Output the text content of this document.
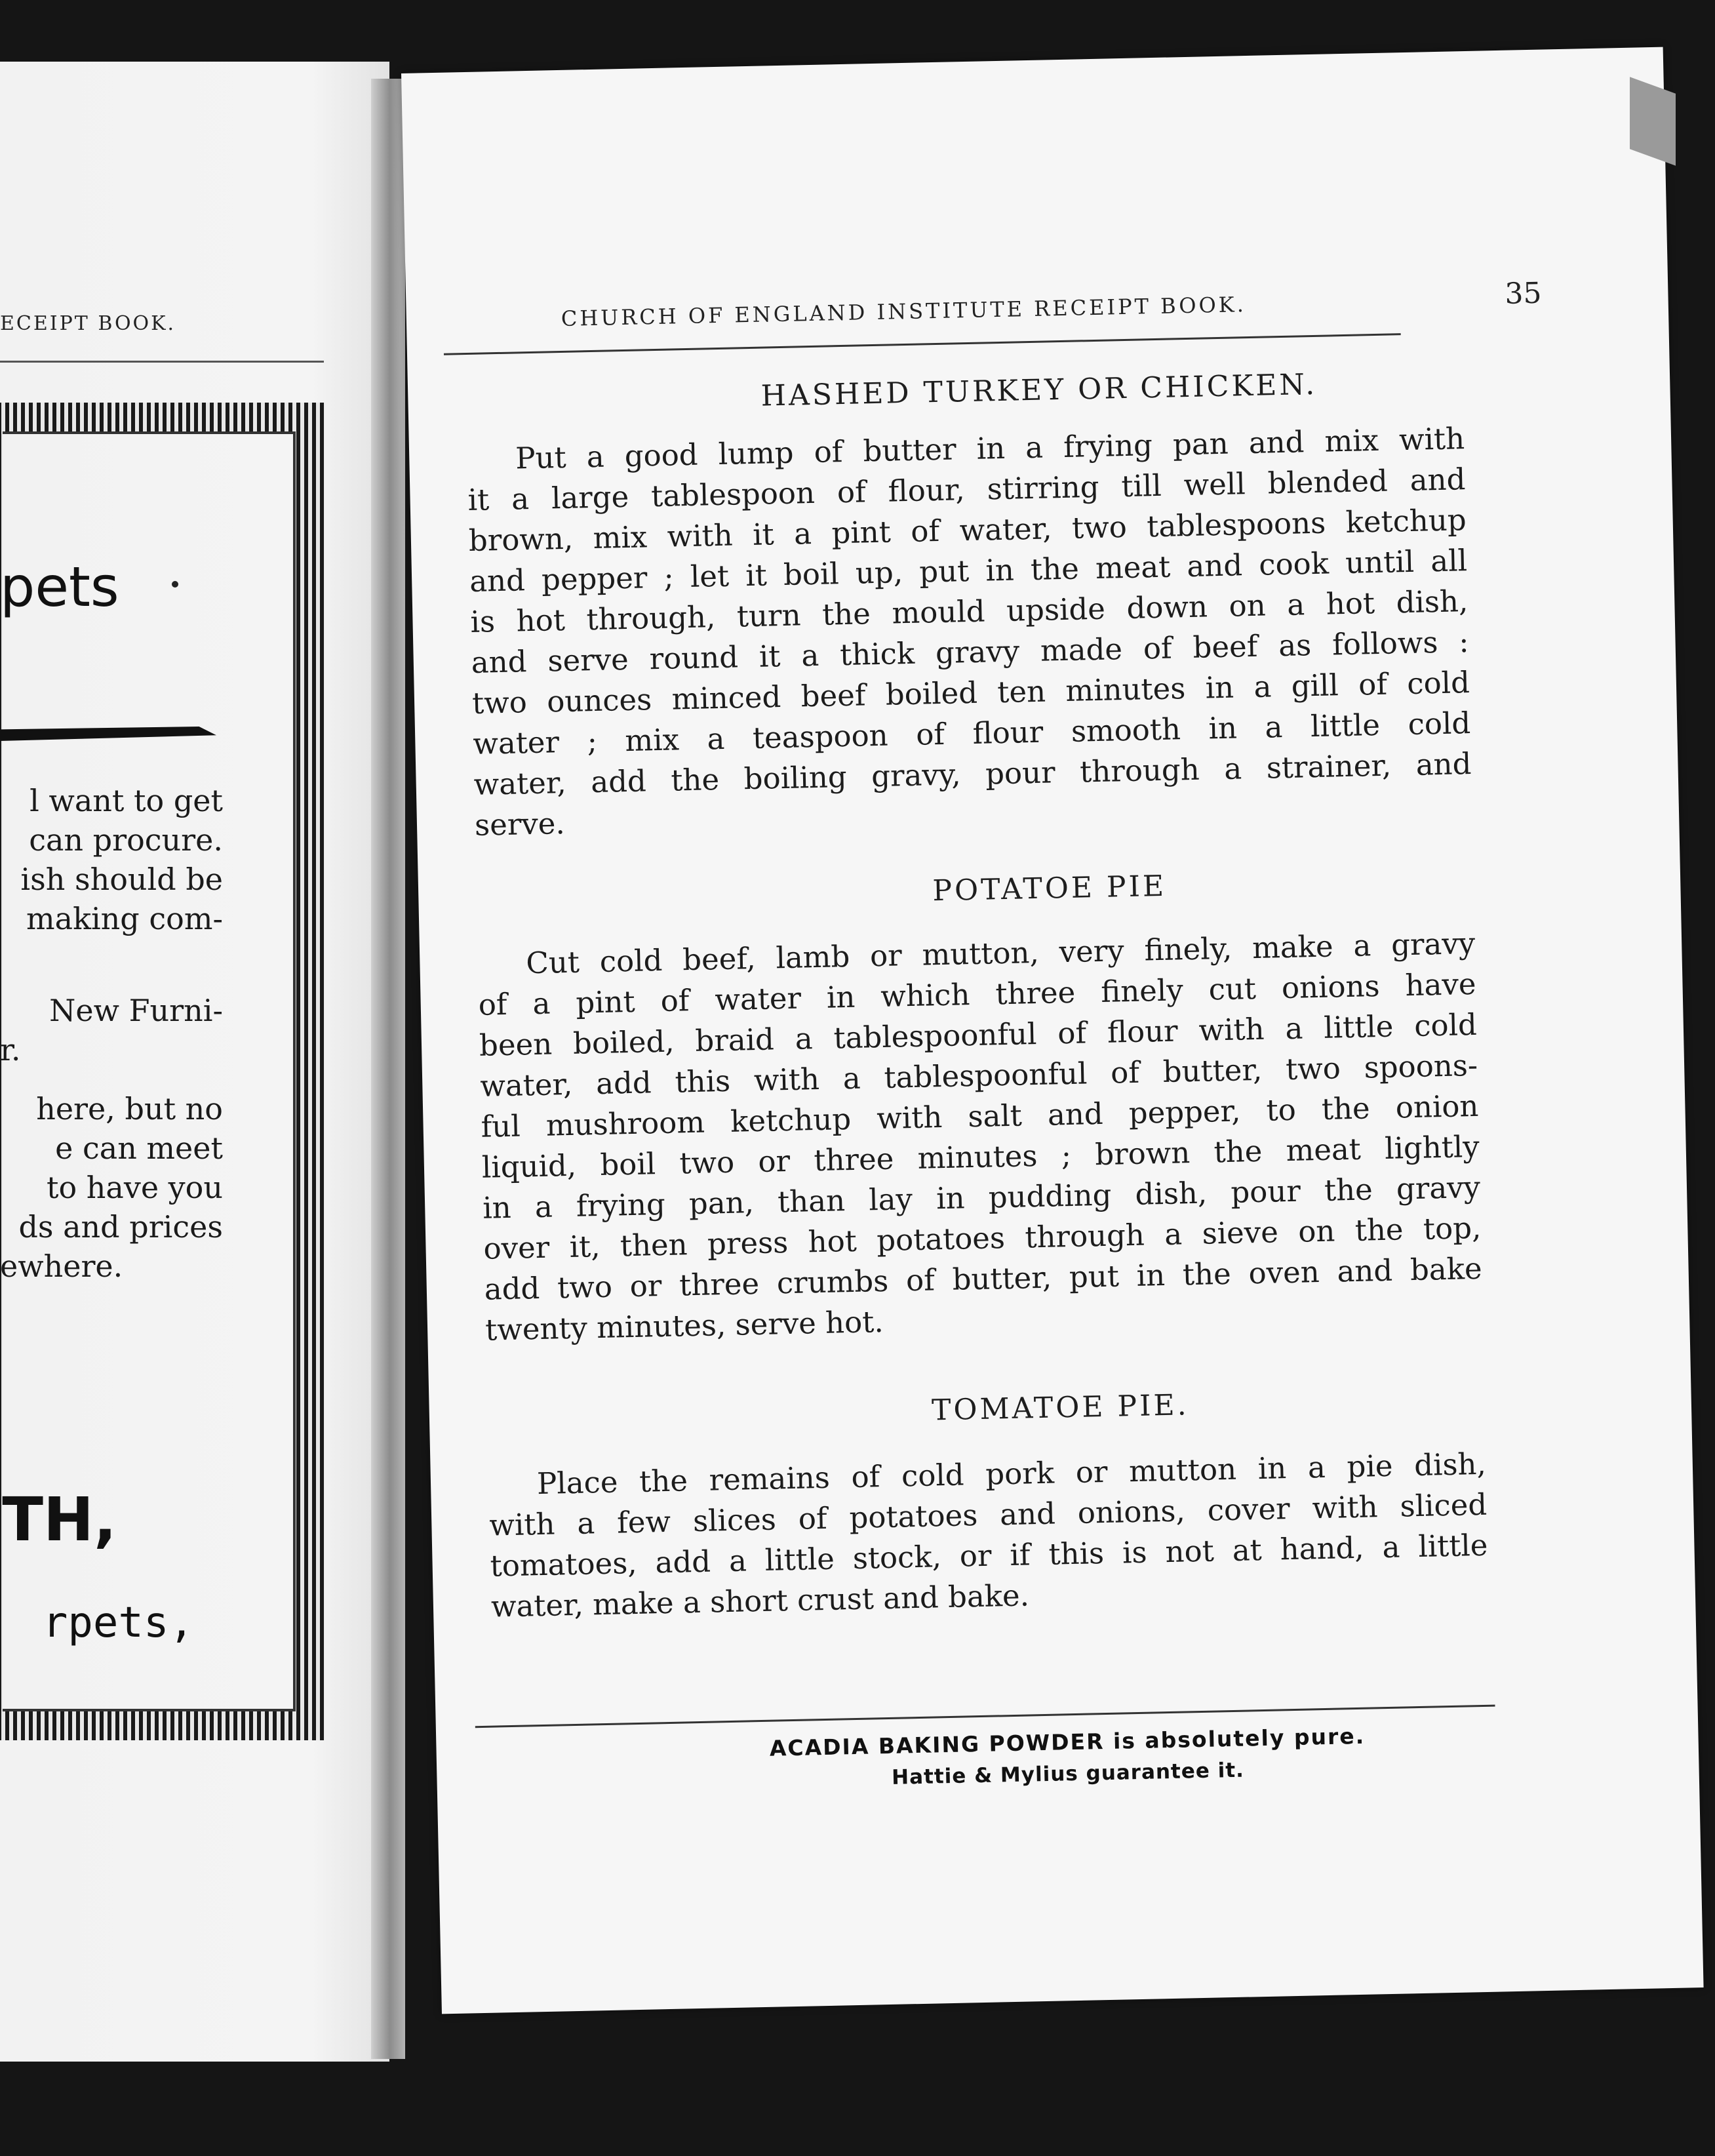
ECEIPT BOOK.
pets
l want to get
can procure.
ish should be
making com-
New Furni-
r.
here, but no
e can meet
to have you
ds and prices
ewhere.
TH,
rpets,
CHURCH OF ENGLAND INSTITUTE RECEIPT BOOK.	35
HASHED TURKEY OR CHICKEN.
Put a good lump of butter in a frying pan and mix with
it a large tablespoon of flour, stirring till well blended and
brown, mix with it a pint of water, two tablespoons ketchup
and pepper ; let it boil up, put in the meat and cook until all
is hot through, turn the mould upside down on a hot dish,
and serve round it a thick gravy made of beef as follows :
two ounces minced beef boiled ten minutes in a gill of cold
water ; mix a teaspoon of flour smooth in a little cold
water, add the boiling gravy, pour through a strainer, and
serve.
POTATOE PIE
Cut cold beef, lamb or mutton, very finely, make a gravy
of a pint of water in which three finely cut onions have
been boiled, braid a tablespoonful of flour with a little cold
water, add this with a tablespoonful of butter, two spoons-
ful mushroom ketchup with salt and pepper, to the onion
liquid, boil two or three minutes ; brown the meat lightly
in a frying pan, than lay in pudding dish, pour the gravy
over it, then press hot potatoes through a sieve on the top,
add two or three crumbs of butter, put in the oven and bake
twenty minutes, serve hot.
TOMATOE PIE.
Place the remains of cold pork or mutton in a pie dish,
with a few slices of potatoes and onions, cover with sliced
tomatoes, add a little stock, or if this is not at hand, a little
water, make a short crust and bake.
ACADIA BAKING POWDER is absolutely pure.
Hattie & Mylius guarantee it.
